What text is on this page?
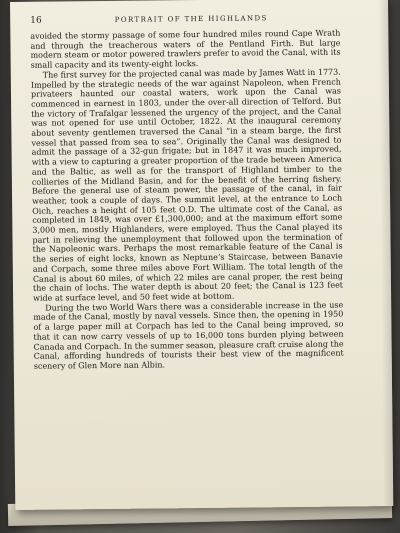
16	PORTRAIT OF THE HIGHLANDS

avoided the stormy passage of some four hundred miles round Cape Wrath and through the treacherous waters of the Pentland Firth. But large modern steam or motor powered trawlers prefer to avoid the Canal, with its small capacity and its twenty-eight locks.

The first survey for the projected canal was made by James Watt in 1773. Impelled by the strategic needs of the war against Napoleon, when French privateers haunted our coastal waters, work upon the Canal was commenced in earnest in 1803, under the over-all direction of Telford. But the victory of Trafalgar lessened the urgency of the project, and the Canal was not opened for use until October, 1822. At the inaugural ceremony about seventy gentlemen traversed the Canal “in a steam barge, the first vessel that passed from sea to sea”. Originally the Canal was designed to admit the passage of a 32-gun frigate; but in 1847 it was much improved, with a view to capturing a greater proportion of the trade between America and the Baltic, as well as for the transport of Highland timber to the collieries of the Midland Basin, and for the benefit of the herring fishery. Before the general use of steam power, the passage of the canal, in fair weather, took a couple of days. The summit level, at the entrance to Loch Oich, reaches a height of 105 feet O.D. The ultimate cost of the Canal, as completed in 1849, was over £1,300,000; and at the maximum effort some 3,000 men, mostly Highlanders, were employed. Thus the Canal played its part in relieving the unemployment that followed upon the termination of the Napoleonic wars. Perhaps the most remarkable feature of the Canal is the series of eight locks, known as Neptune’s Staircase, between Banavie and Corpach, some three miles above Fort William. The total length of the Canal is about 60 miles, of which 22 miles are canal proper, the rest being the chain of lochs. The water depth is about 20 feet; the Canal is 123 feet wide at surface level, and 50 feet wide at bottom.

During the two World Wars there was a considerable increase in the use made of the Canal, mostly by naval vessels. Since then, the opening in 1950 of a large paper mill at Corpach has led to the Canal being improved, so that it can now carry vessels of up to 16,000 tons burden plying between Canada and Corpach. In the summer season, pleasure craft cruise along the Canal, affording hundreds of tourists their best view of the magnificent scenery of Glen More nan Albin.
